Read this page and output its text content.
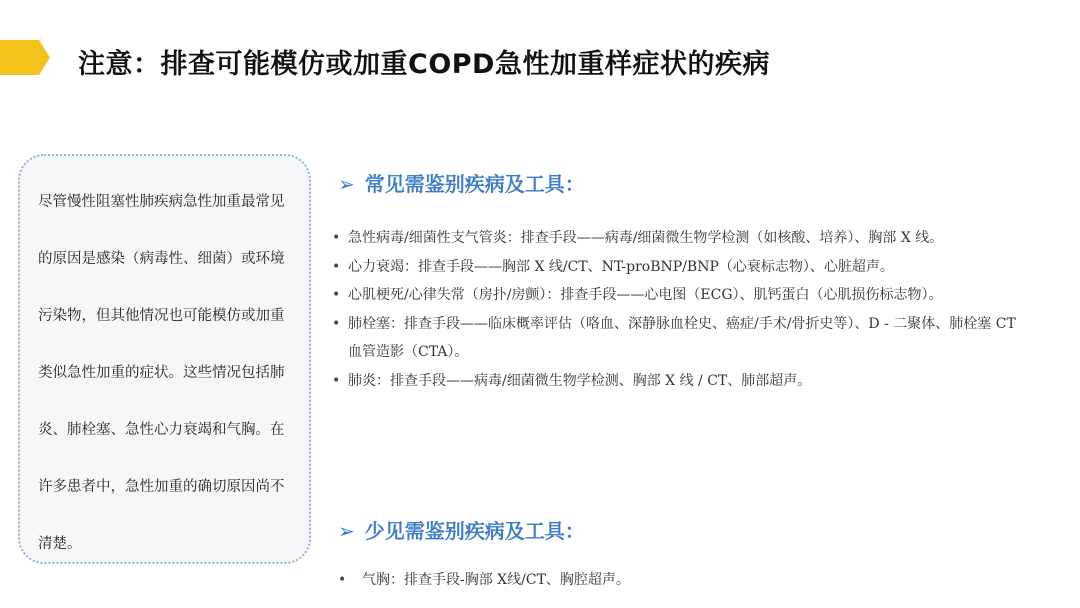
注意：排查可能模仿或加重COPD急性加重样症状的疾病

尽管慢性阻塞性肺疾病急性加重最常见的原因是感染（病毒性、细菌）或环境污染物，但其他情况也可能模仿或加重类似急性加重的症状。这些情况包括肺炎、肺栓塞、急性心力衰竭和气胸。在许多患者中，急性加重的确切原因尚不清楚。

➢ 常见需鉴别疾病及工具：
• 急性病毒/细菌性支气管炎：排查手段——病毒/细菌微生物学检测（如核酸、培养）、胸部 X 线。
• 心力衰竭：排查手段——胸部 X 线/CT、NT-proBNP/BNP（心衰标志物）、心脏超声。
• 心肌梗死/心律失常（房扑/房颤）：排查手段——心电图（ECG）、肌钙蛋白（心肌损伤标志物）。
• 肺栓塞：排查手段——临床概率评估（咯血、深静脉血栓史、癌症/手术/骨折史等）、D - 二聚体、肺栓塞 CT 血管造影（CTA）。
• 肺炎：排查手段——病毒/细菌微生物学检测、胸部 X 线 / CT、肺部超声。
➢ 少见需鉴别疾病及工具：
• 气胸：排查手段-胸部 X线/CT、胸腔超声。
